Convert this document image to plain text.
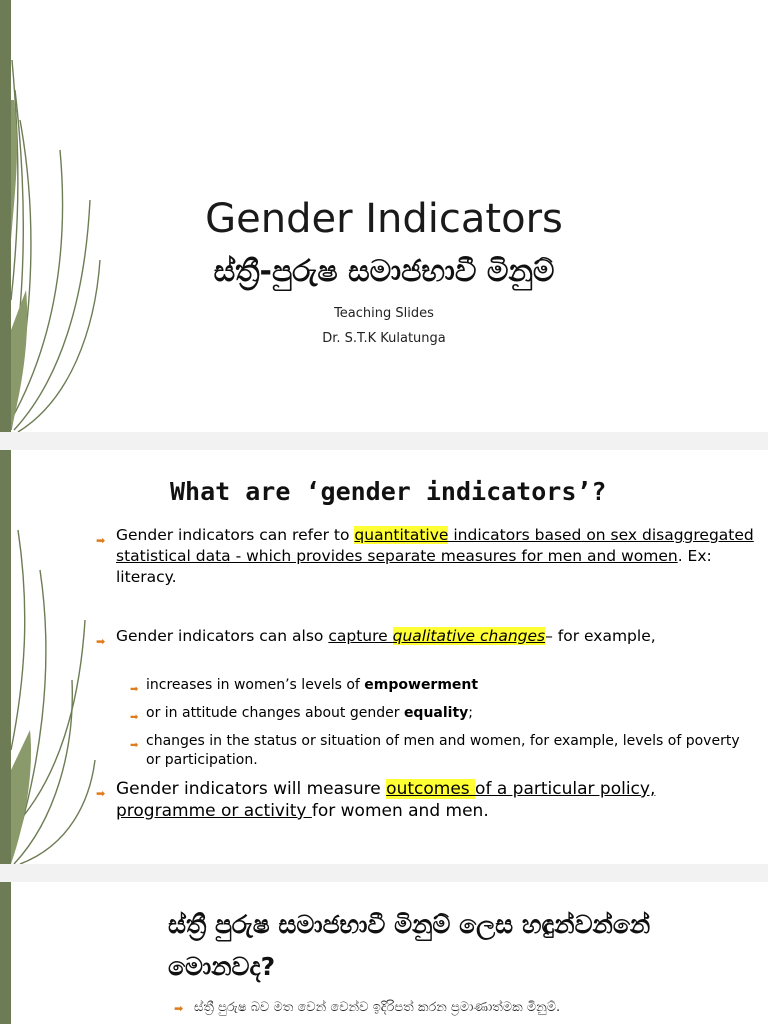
Gender Indicators
ස්ත්‍රී-පුරුෂ සමාජභාවී මිනුම්
Teaching Slides
Dr. S.T.K Kulatunga
What are ‘gender indicators’?
➡ Gender indicators can refer to quantitative indicators based on sex disaggregated statistical data - which provides separate measures for men and women. Ex: literacy.
➡ Gender indicators can also capture qualitative changes– for example,
➡ increases in women’s levels of empowerment
➡ or in attitude changes about gender equality;
➡ changes in the status or situation of men and women, for example, levels of poverty or participation.
➡ Gender indicators will measure outcomes of a particular policy, programme or activity for women and men.
ස්ත්‍රී පුරුෂ සමාජභාවී මිනුම් ලෙස හඳුන්වන්නේ මොනවද?
➡ ස්ත්‍රී පුරුෂ බව මත වෙන් වෙන්ව ඉදිරිපත් කරන ප්‍රමාණාත්මක මිනුම්.
